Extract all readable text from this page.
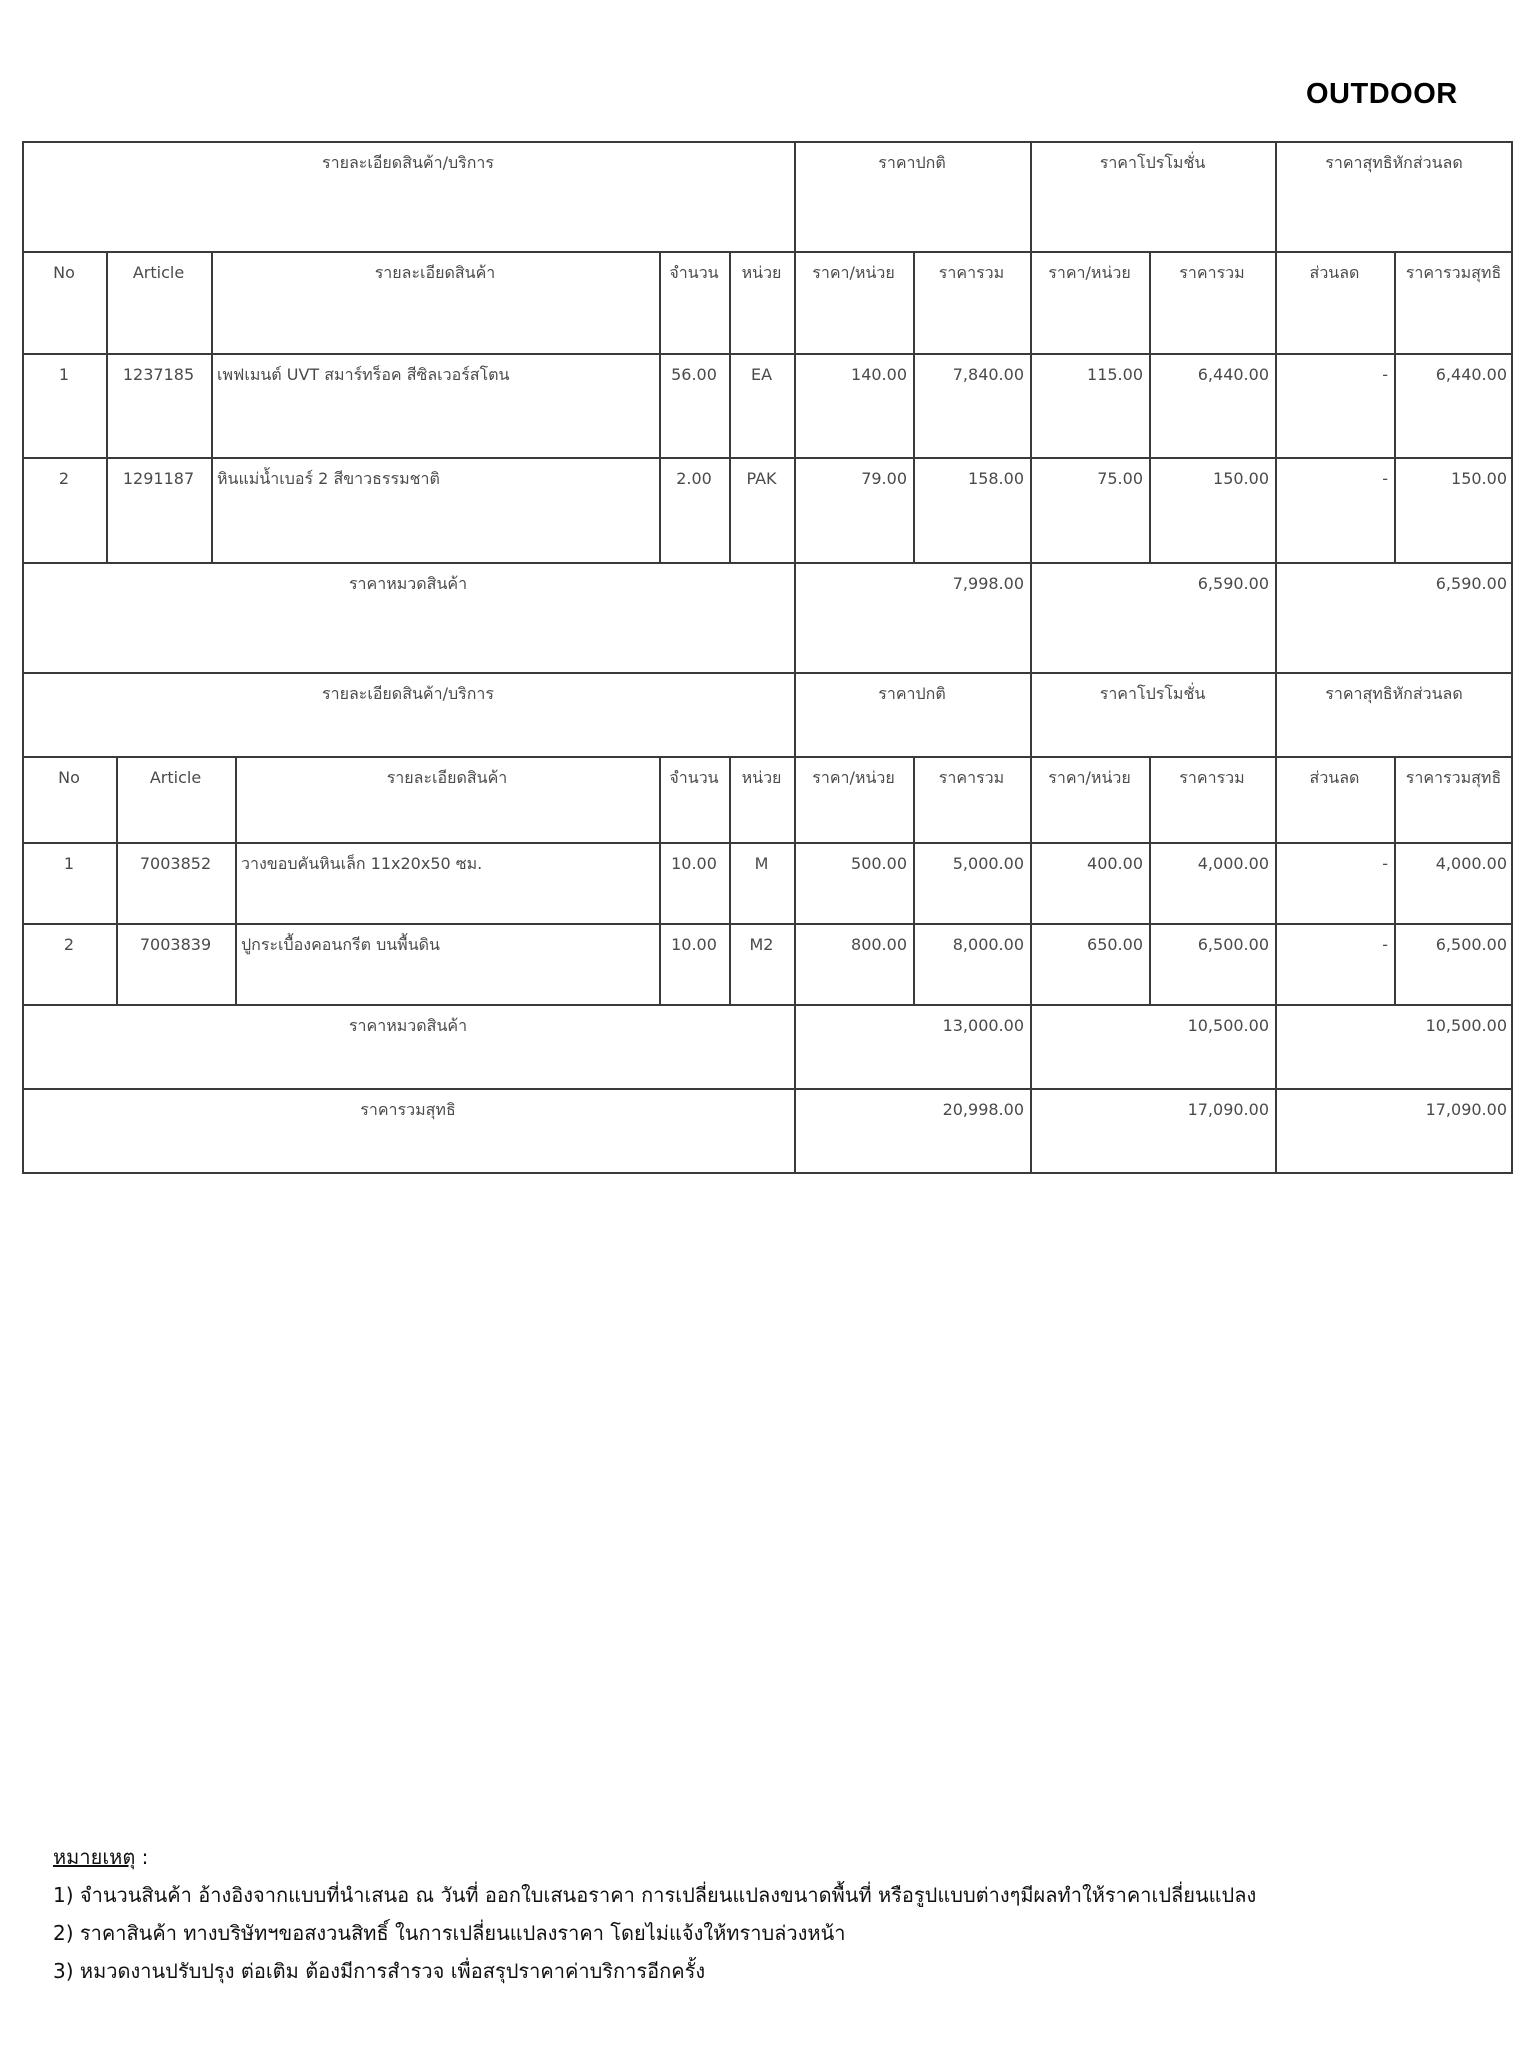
OUTDOOR
รายละเอียดสินค้า/บริการ	ราคาปกติ	ราคาโปรโมชั่น	ราคาสุทธิหักส่วนลด
No	Article	รายละเอียดสินค้า	จำนวน	หน่วย	ราคา/หน่วย	ราคารวม	ราคา/หน่วย	ราคารวม	ส่วนลด	ราคารวมสุทธิ
1	1237185	เพฟเมนต์ UVT สมาร์ทร็อค สีซิลเวอร์สโตน	56.00	EA	140.00	7,840.00	115.00	6,440.00	-	6,440.00
2	1291187	หินแม่น้ำเบอร์ 2 สีขาวธรรมชาติ	2.00	PAK	79.00	158.00	75.00	150.00	-	150.00
ราคาหมวดสินค้า	7,998.00	6,590.00	6,590.00
รายละเอียดสินค้า/บริการ	ราคาปกติ	ราคาโปรโมชั่น	ราคาสุทธิหักส่วนลด
No	Article	รายละเอียดสินค้า	จำนวน	หน่วย	ราคา/หน่วย	ราคารวม	ราคา/หน่วย	ราคารวม	ส่วนลด	ราคารวมสุทธิ
1	7003852	วางขอบคันหินเล็ก 11x20x50 ซม.	10.00	M	500.00	5,000.00	400.00	4,000.00	-	4,000.00
2	7003839	ปูกระเบื้องคอนกรีต บนพื้นดิน	10.00	M2	800.00	8,000.00	650.00	6,500.00	-	6,500.00
ราคาหมวดสินค้า	13,000.00	10,500.00	10,500.00
ราคารวมสุทธิ	20,998.00	17,090.00	17,090.00
หมายเหตุ :
1) จำนวนสินค้า อ้างอิงจากแบบที่นำเสนอ ณ วันที่ ออกใบเสนอราคา การเปลี่ยนแปลงขนาดพื้นที่ หรือรูปแบบต่างๆมีผลทำให้ราคาเปลี่ยนแปลง
2) ราคาสินค้า ทางบริษัทฯขอสงวนสิทธิ์ ในการเปลี่ยนแปลงราคา โดยไม่แจ้งให้ทราบล่วงหน้า
3) หมวดงานปรับปรุง ต่อเติม ต้องมีการสำรวจ เพื่อสรุปราคาค่าบริการอีกครั้ง
